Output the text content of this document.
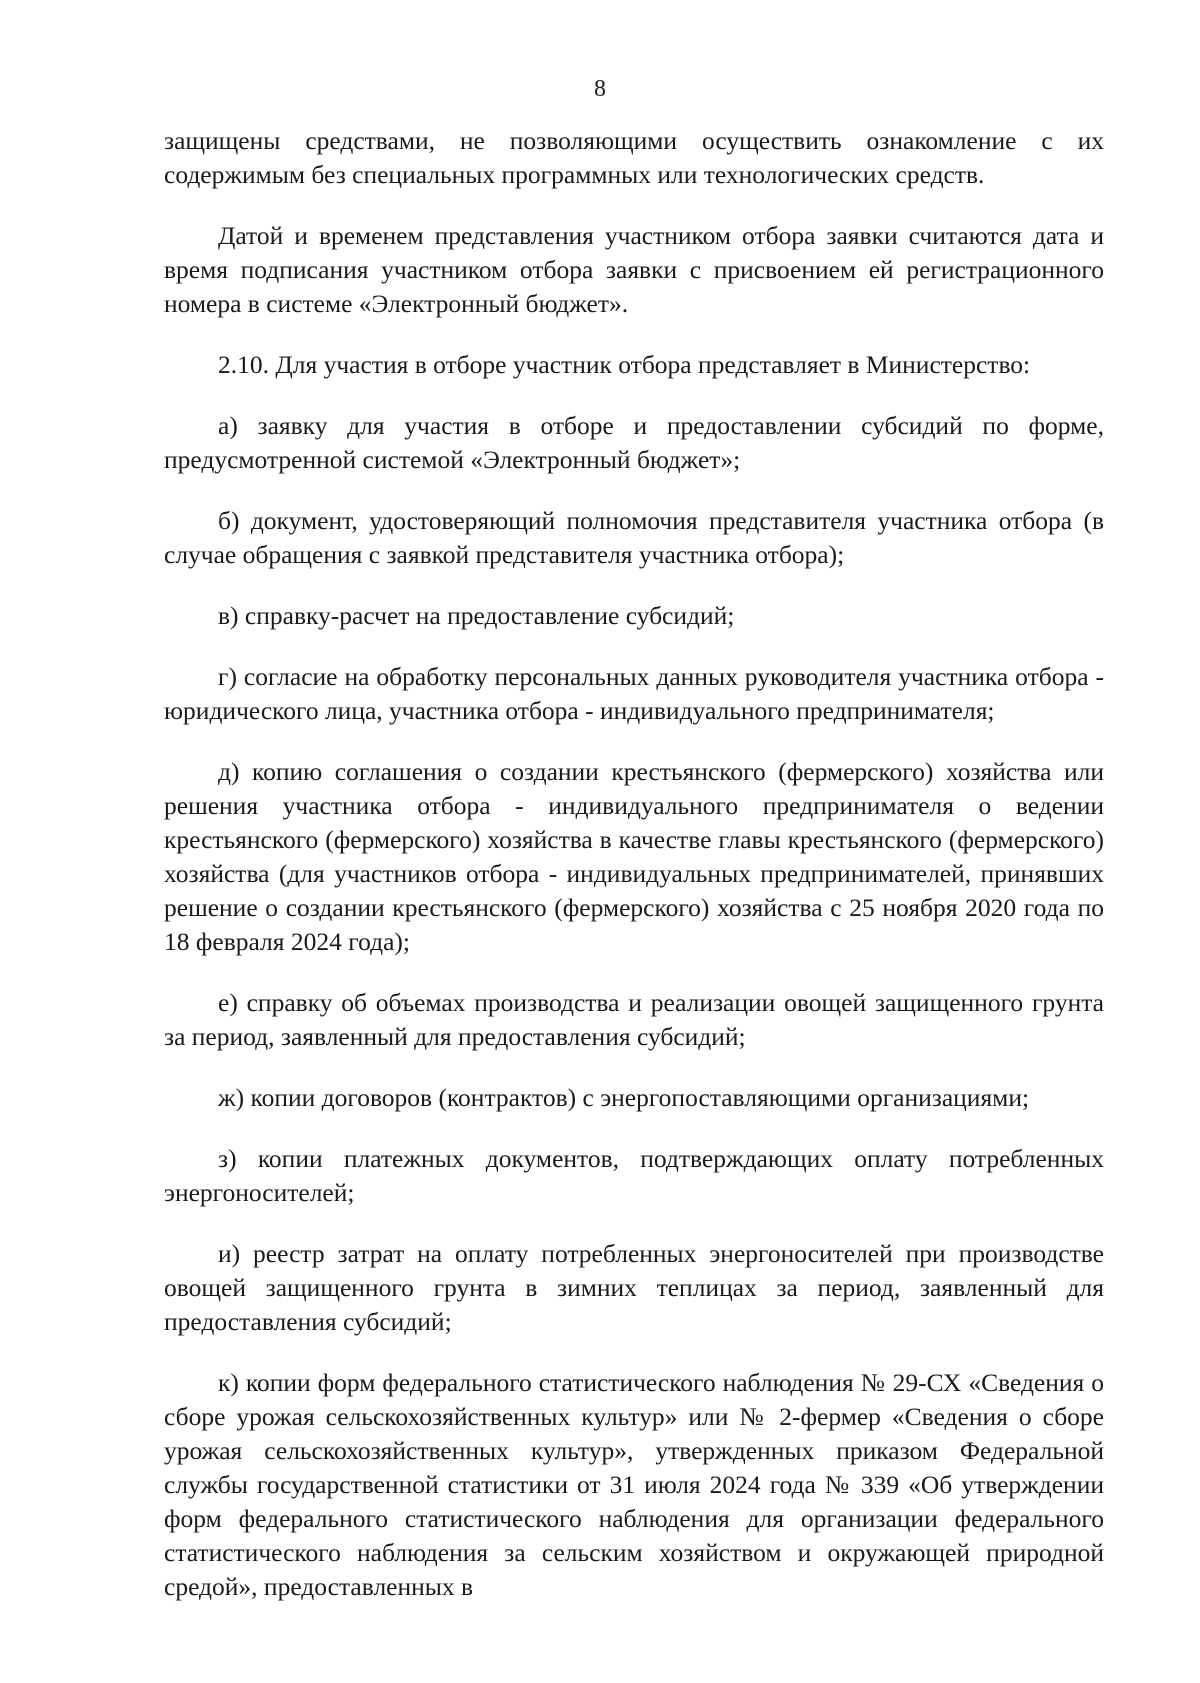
8

защищены средствами, не позволяющими осуществить ознакомление с их содержимым без специальных программных или технологических средств.

Датой и временем представления участником отбора заявки считаются дата и время подписания участником отбора заявки с присвоением ей регистрационного номера в системе «Электронный бюджет».

2.10. Для участия в отборе участник отбора представляет в Министерство:

а) заявку для участия в отборе и предоставлении субсидий по форме, предусмотренной системой «Электронный бюджет»;

б) документ, удостоверяющий полномочия представителя участника отбора (в случае обращения с заявкой представителя участника отбора);

в) справку-расчет на предоставление субсидий;

г) согласие на обработку персональных данных руководителя участника отбора - юридического лица, участника отбора - индивидуального предпринимателя;

д) копию соглашения о создании крестьянского (фермерского) хозяйства или решения участника отбора - индивидуального предпринимателя о ведении крестьянского (фермерского) хозяйства в качестве главы крестьянского (фермерского) хозяйства (для участников отбора - индивидуальных предпринимателей, принявших решение о создании крестьянского (фермерского) хозяйства с 25 ноября 2020 года по 18 февраля 2024 года);

е) справку об объемах производства и реализации овощей защищенного грунта за период, заявленный для предоставления субсидий;

ж) копии договоров (контрактов) с энергопоставляющими организациями;

з) копии платежных документов, подтверждающих оплату потребленных энергоносителей;

и) реестр затрат на оплату потребленных энергоносителей при производстве овощей защищенного грунта в зимних теплицах за период, заявленный для предоставления субсидий;

к) копии форм федерального статистического наблюдения № 29-СХ «Сведения о сборе урожая сельскохозяйственных культур» или № 2-фермер «Сведения о сборе урожая сельскохозяйственных культур», утвержденных приказом Федеральной службы государственной статистики от 31 июля 2024 года № 339 «Об утверждении форм федерального статистического наблюдения для организации федерального статистического наблюдения за сельским хозяйством и окружающей природной средой», предоставленных в
